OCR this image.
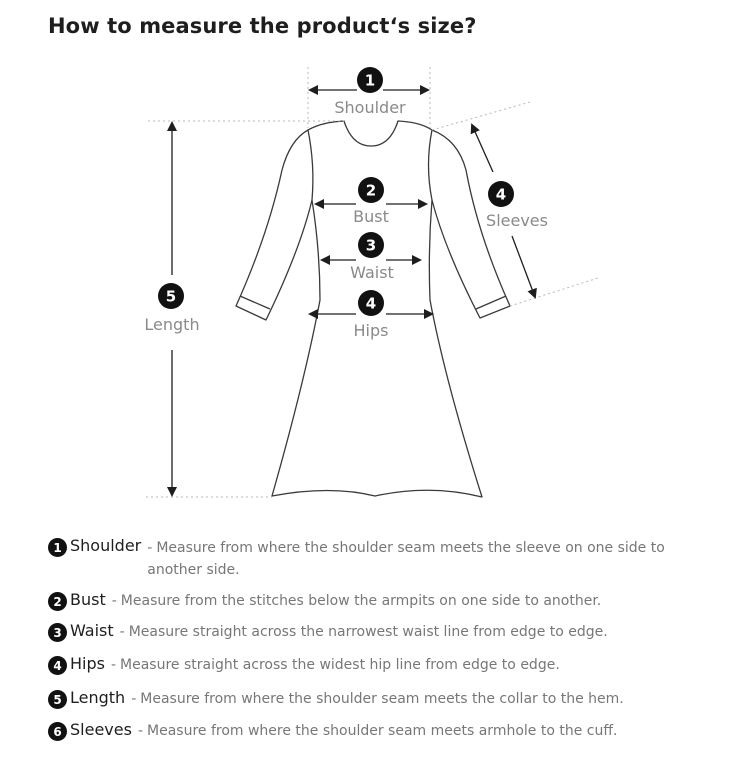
How to measure the product‘s size?
1
Shoulder
2
Bust
3
Waist
4
Hips
4
Sleeves
5
Length
1 Shoulder - Measure from where the shoulder seam meets the sleeve on one side to another side.
2 Bust - Measure from the stitches below the armpits on one side to another.
3 Waist - Measure straight across the narrowest waist line from edge to edge.
4 Hips - Measure straight across the widest hip line from edge to edge.
5 Length - Measure from where the shoulder seam meets the collar to the hem.
6 Sleeves - Measure from where the shoulder seam meets armhole to the cuff.
